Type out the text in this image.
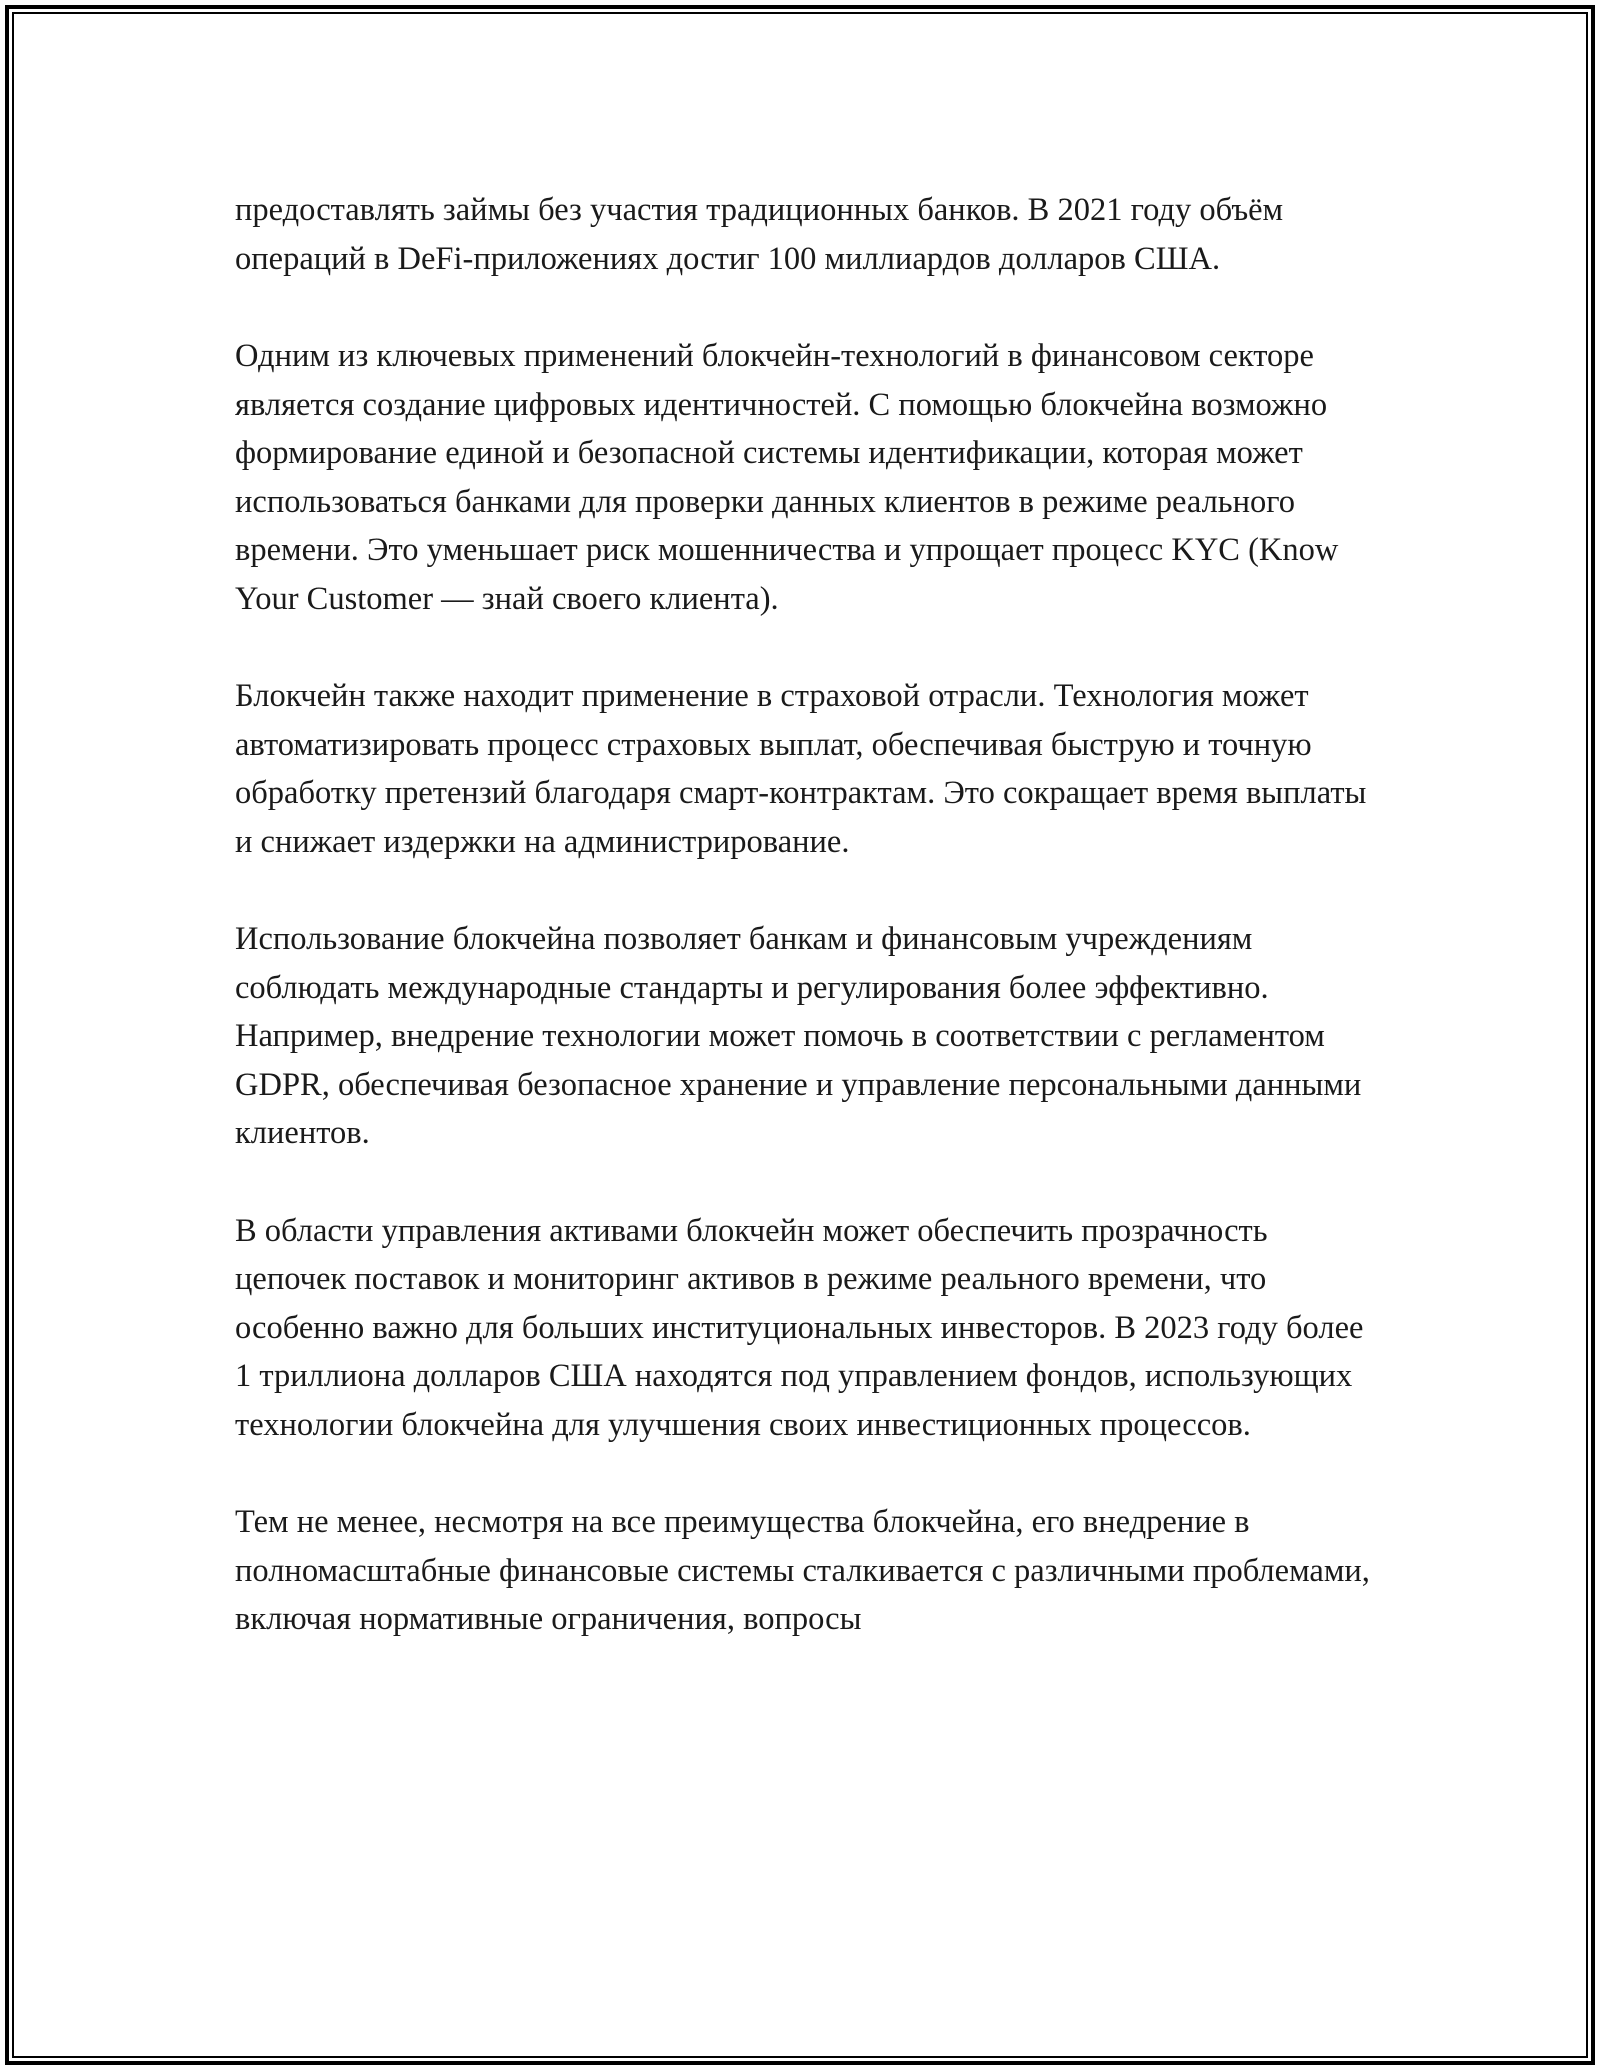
предоставлять займы без участия традиционных банков. В 2021 году объём операций в DeFi-приложениях достиг 100 миллиардов долларов США.

Одним из ключевых применений блокчейн-технологий в финансовом секторе является создание цифровых идентичностей. С помощью блокчейна возможно формирование единой и безопасной системы идентификации, которая может использоваться банками для проверки данных клиентов в режиме реального времени. Это уменьшает риск мошенничества и упрощает процесс KYC (Know Your Customer — знай своего клиента).

Блокчейн также находит применение в страховой отрасли. Технология может автоматизировать процесс страховых выплат, обеспечивая быструю и точную обработку претензий благодаря смарт-контрактам. Это сокращает время выплаты и снижает издержки на администрирование.

Использование блокчейна позволяет банкам и финансовым учреждениям соблюдать международные стандарты и регулирования более эффективно. Например, внедрение технологии может помочь в соответствии с регламентом GDPR, обеспечивая безопасное хранение и управление персональными данными клиентов.

В области управления активами блокчейн может обеспечить прозрачность цепочек поставок и мониторинг активов в режиме реального времени, что особенно важно для больших институциональных инвесторов. В 2023 году более 1 триллиона долларов США находятся под управлением фондов, использующих технологии блокчейна для улучшения своих инвестиционных процессов.

Тем не менее, несмотря на все преимущества блокчейна, его внедрение в полномасштабные финансовые системы сталкивается с различными проблемами, включая нормативные ограничения, вопросы
